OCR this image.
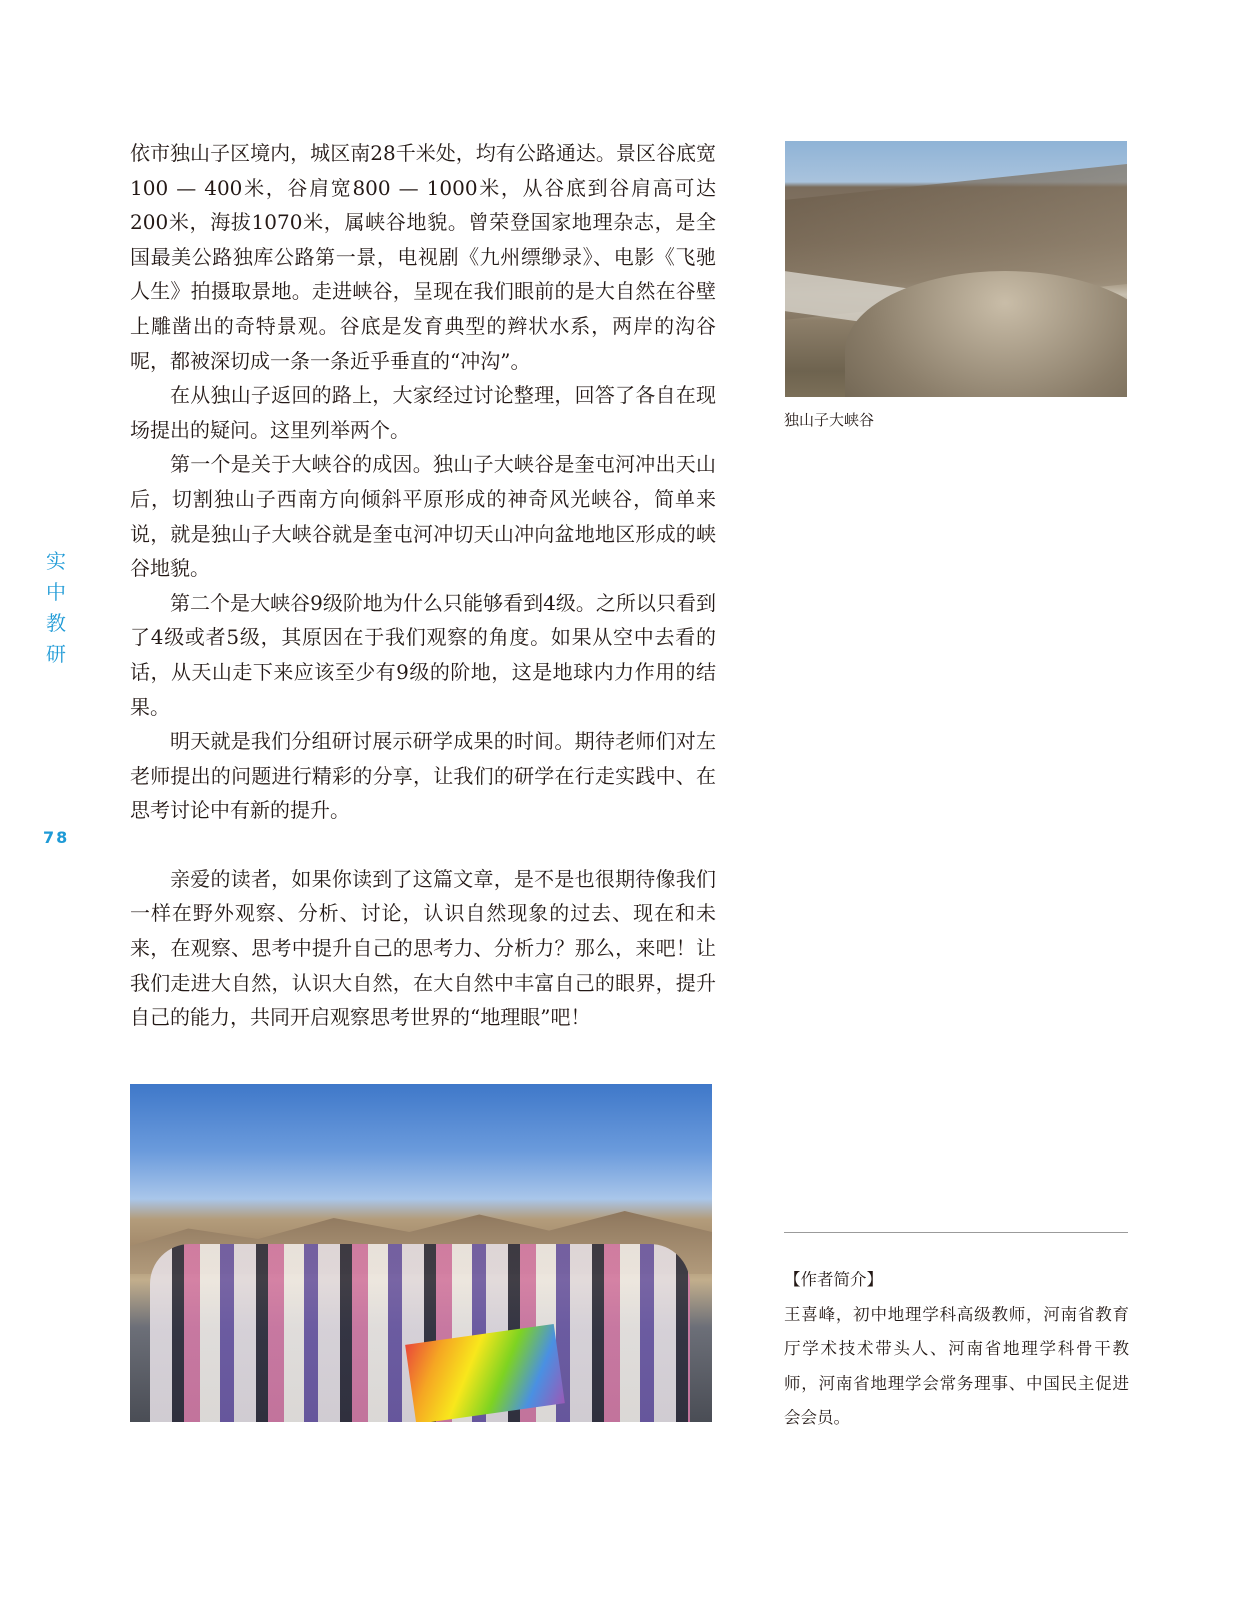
实
中
教
研
78

依市独山子区境内，城区南28千米处，均有公路通达。景区谷底宽100 — 400米，谷肩宽800 — 1000米，从谷底到谷肩高可达200米，海拔1070米，属峡谷地貌。曾荣登国家地理杂志，是全国最美公路独库公路第一景，电视剧《九州缥缈录》、电影《飞驰人生》拍摄取景地。走进峡谷，呈现在我们眼前的是大自然在谷壁上雕凿出的奇特景观。谷底是发育典型的辫状水系，两岸的沟谷呢，都被深切成一条一条近乎垂直的“冲沟”。

在从独山子返回的路上，大家经过讨论整理，回答了各自在现场提出的疑问。这里列举两个。

第一个是关于大峡谷的成因。独山子大峡谷是奎屯河冲出天山后，切割独山子西南方向倾斜平原形成的神奇风光峡谷，简单来说，就是独山子大峡谷就是奎屯河冲切天山冲向盆地地区形成的峡谷地貌。

第二个是大峡谷9级阶地为什么只能够看到4级。之所以只看到了4级或者5级，其原因在于我们观察的角度。如果从空中去看的话，从天山走下来应该至少有9级的阶地，这是地球内力作用的结果。

明天就是我们分组研讨展示研学成果的时间。期待老师们对左老师提出的问题进行精彩的分享，让我们的研学在行走实践中、在思考讨论中有新的提升。

亲爱的读者，如果你读到了这篇文章，是不是也很期待像我们一样在野外观察、分析、讨论，认识自然现象的过去、现在和未来，在观察、思考中提升自己的思考力、分析力？那么，来吧！让我们走进大自然，认识大自然，在大自然中丰富自己的眼界，提升自己的能力，共同开启观察思考世界的“地理眼”吧！

独山子大峡谷
【作者简介】
王喜峰，初中地理学科高级教师，河南省教育厅学术技术带头人、河南省地理学科骨干教师，河南省地理学会常务理事、中国民主促进会会员。
